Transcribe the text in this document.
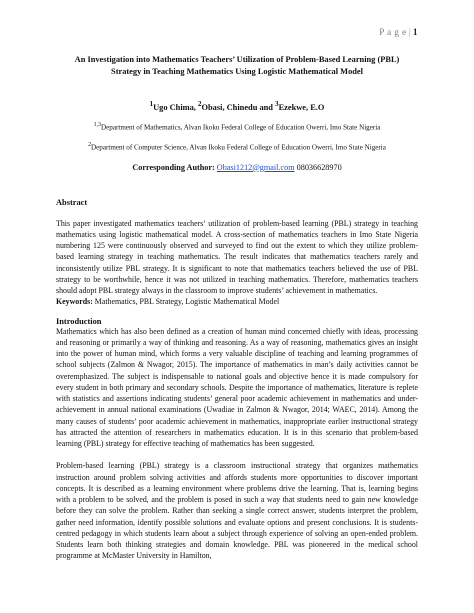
P a g e | 1

An Investigation into Mathematics Teachers’ Utilization of Problem-Based Learning (PBL)
Strategy in Teaching Mathematics Using Logistic Mathematical Model

$^1$Ugo Chima, $^2$Obasi, Chinedu and $^3$Ezekwe, E.O
$^{1,3}$Department of Mathematics, Alvan Ikoku Federal College of Education Owerri, Imo State Nigeria
$^2$Department of Computer Science, Alvan Ikoku Federal College of Education Owerri, Imo State Nigeria
Corresponding Author: Obasi1212@gmail.com 08036628970

Abstract

This paper investigated mathematics teachers’ utilization of problem-based learning (PBL) strategy in teaching mathematics using logistic mathematical model. A cross-section of mathematics teachers in Imo State Nigeria numbering 125 were continuously observed and surveyed to find out the extent to which they utilize problem-based learning strategy in teaching mathematics. The result indicates that mathematics teachers rarely and inconsistently utilize PBL strategy. It is significant to note that mathematics teachers believed the use of PBL strategy to be worthwhile, hence it was not utilized in teaching mathematics. Therefore, mathematics teachers should adopt PBL strategy always in the classroom to improve students’ achievement in mathematics.

Keywords: Mathematics, PBL Strategy, Logistic Mathematical Model

Introduction

Mathematics which has also been defined as a creation of human mind concerned chiefly with ideas, processing and reasoning or primarily a way of thinking and reasoning. As a way of reasoning, mathematics gives an insight into the power of human mind, which forms a very valuable discipline of teaching and learning programmes of school subjects (Zalmon & Nwagor, 2015). The importance of mathematics in man’s daily activities cannot be overemphasized. The subject is indispensable to national goals and objective hence it is made compulsory for every student in both primary and secondary schools. Despite the importance of mathematics, literature is replete with statistics and assertions indicating students’ general poor academic achievement in mathematics and under-achievement in annual national examinations (Uwadiae in Zalmon & Nwagor, 2014; WAEC, 2014). Among the many causes of students’ poor academic achievement in mathematics, inappropriate earlier instructional strategy has attracted the attention of researchers in mathematics education. It is in this scenario that problem-based learning (PBL) strategy for effective teaching of mathematics has been suggested.

Problem-based learning (PBL) strategy is a classroom instructional strategy that organizes mathematics instruction around problem solving activities and affords students more opportunities to discover important concepts. It is described as a learning environment where problems drive the learning. That is, learning begins with a problem to be solved, and the problem is posed in such a way that students need to gain new knowledge before they can solve the problem. Rather than seeking a single correct answer, students interpret the problem, gather need information, identify possible solutions and evaluate options and present conclusions. It is students-centred pedagogy in which students learn about a subject through experience of solving an open-ended problem. Students learn both thinking strategies and domain knowledge. PBL was pioneered in the medical school programme at McMaster University in Hamilton,
